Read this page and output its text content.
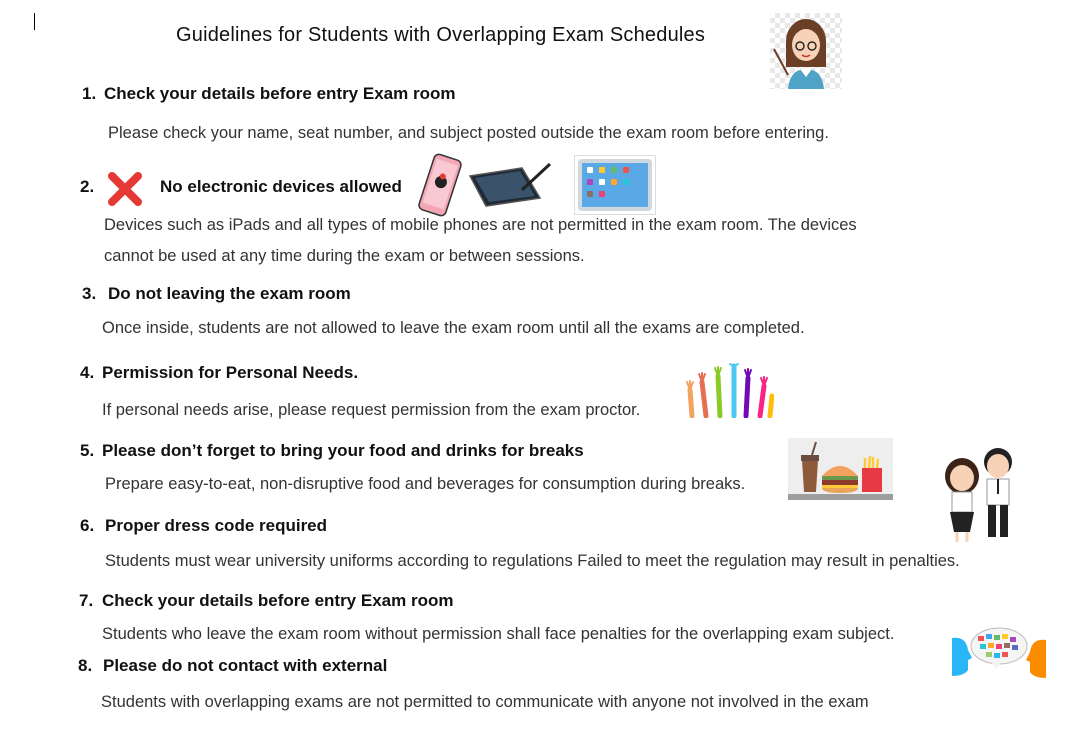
Guidelines for Students with Overlapping Exam Schedules
1. Check your details before entry Exam room
Please check your name, seat number, and subject posted outside the exam room before entering.
2.	No electronic devices allowed
Devices such as iPads and all types of mobile phones are not permitted in the exam room. The devices
cannot be used at any time during the exam or between sessions.
3. Do not leaving the exam room
Once inside, students are not allowed to leave the exam room until all the exams are completed.
4. Permission for Personal Needs.
If personal needs arise, please request permission from the exam proctor.
5. Please don’t forget to bring your food and drinks for breaks
Prepare easy-to-eat, non-disruptive food and beverages for consumption during breaks.
6. Proper dress code required
Students must wear university uniforms according to regulations Failed to meet the regulation may result in penalties.
7. Check your details before entry Exam room
Students who leave the exam room without permission shall face penalties for the overlapping exam subject.
8. Please do not contact with external
Students with overlapping exams are not permitted to communicate with anyone not involved in the exam
